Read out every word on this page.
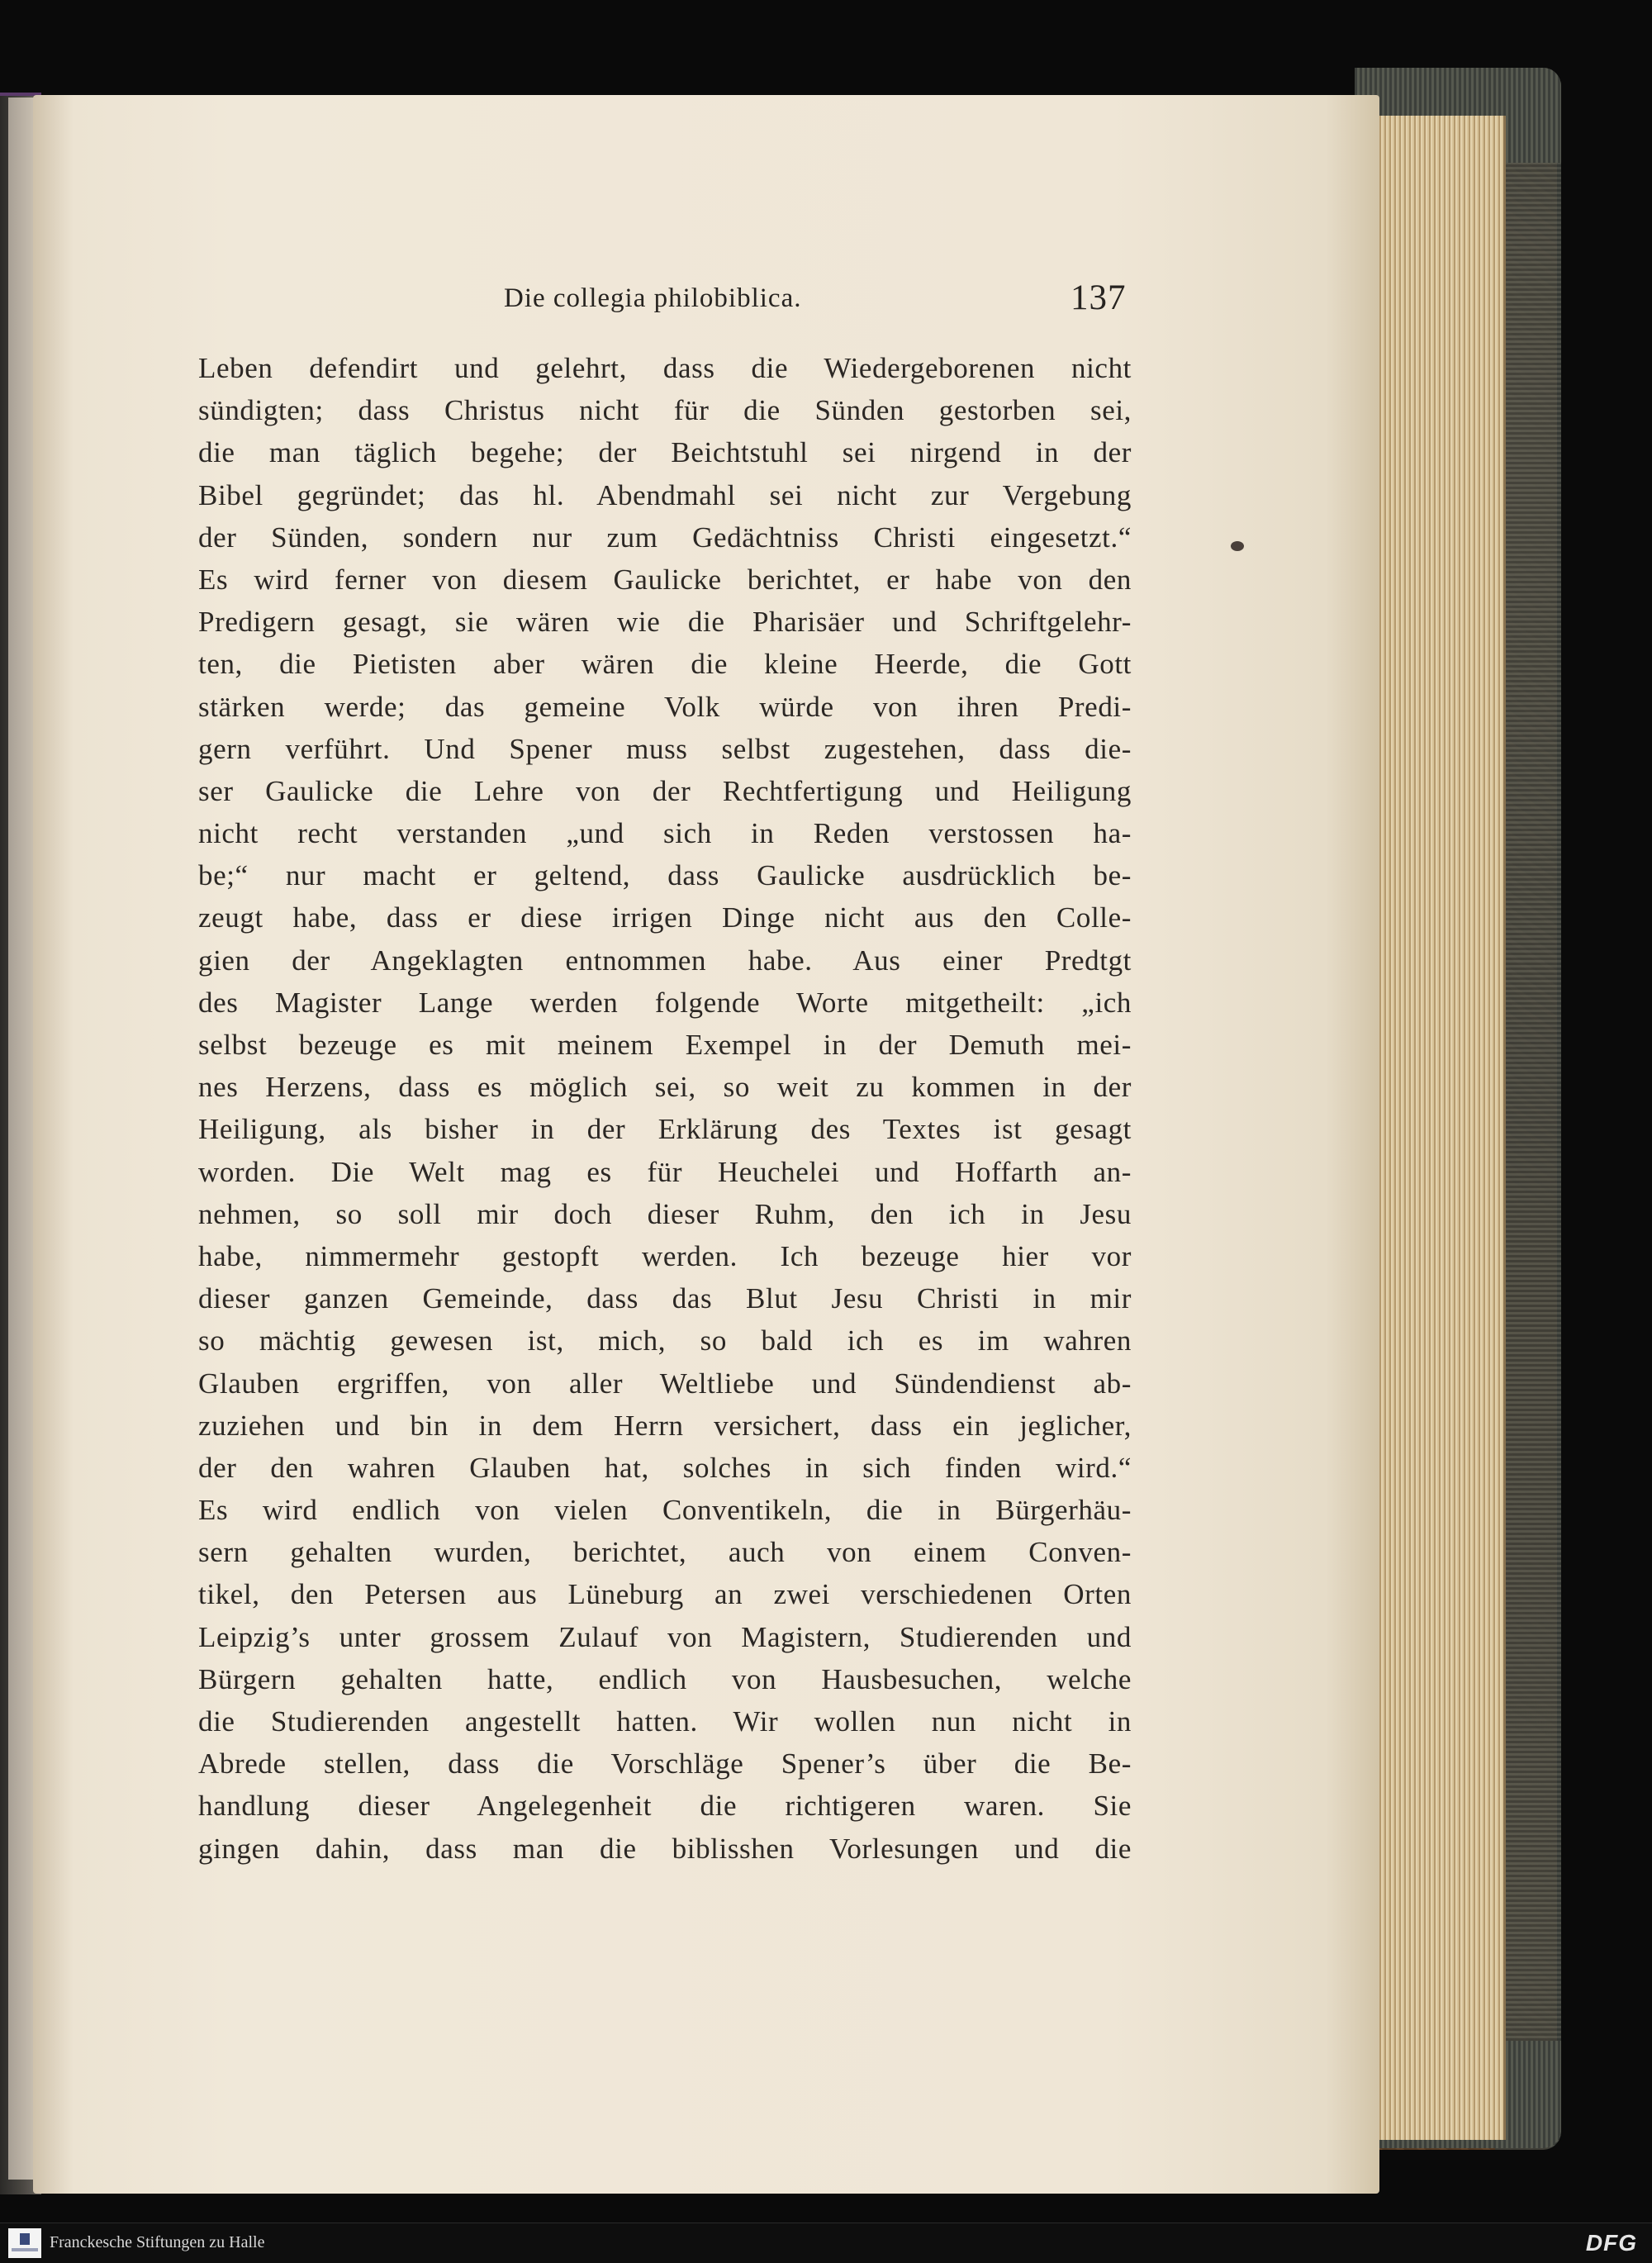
Die collegia philobiblica.	137
Leben defendirt und gelehrt, dass die Wiedergeborenen nicht
sündigten; dass Christus nicht für die Sünden gestorben sei,
die man täglich begehe; der Beichtstuhl sei nirgend in der
Bibel gegründet; das hl. Abendmahl sei nicht zur Vergebung
der Sünden, sondern nur zum Gedächtniss Christi eingesetzt.“
Es wird ferner von diesem Gaulicke berichtet, er habe von den
Predigern gesagt, sie wären wie die Pharisäer und Schriftgelehr-
ten, die Pietisten aber wären die kleine Heerde, die Gott
stärken werde; das gemeine Volk würde von ihren Predi-
gern verführt. Und Spener muss selbst zugestehen, dass die-
ser Gaulicke die Lehre von der Rechtfertigung und Heiligung
nicht recht verstanden „und sich in Reden verstossen ha-
be;“ nur macht er geltend, dass Gaulicke ausdrücklich be-
zeugt habe, dass er diese irrigen Dinge nicht aus den Colle-
gien der Angeklagten entnommen habe. Aus einer Predtgt
des Magister Lange werden folgende Worte mitgetheilt: „ich
selbst bezeuge es mit meinem Exempel in der Demuth mei-
nes Herzens, dass es möglich sei, so weit zu kommen in der
Heiligung, als bisher in der Erklärung des Textes ist gesagt
worden. Die Welt mag es für Heuchelei und Hoffarth an-
nehmen, so soll mir doch dieser Ruhm, den ich in Jesu
habe, nimmermehr gestopft werden. Ich bezeuge hier vor
dieser ganzen Gemeinde, dass das Blut Jesu Christi in mir
so mächtig gewesen ist, mich, so bald ich es im wahren
Glauben ergriffen, von aller Weltliebe und Sündendienst ab-
zuziehen und bin in dem Herrn versichert, dass ein jeglicher,
der den wahren Glauben hat, solches in sich finden wird.“
Es wird endlich von vielen Conventikeln, die in Bürgerhäu-
sern gehalten wurden, berichtet, auch von einem Conven-
tikel, den Petersen aus Lüneburg an zwei verschiedenen Orten
Leipzig’s unter grossem Zulauf von Magistern, Studierenden und
Bürgern gehalten hatte, endlich von Hausbesuchen, welche
die Studierenden angestellt hatten. Wir wollen nun nicht in
Abrede stellen, dass die Vorschläge Spener’s über die Be-
handlung dieser Angelegenheit die richtigeren waren. Sie
gingen dahin, dass man die biblisshen Vorlesungen und die
Franckesche Stiftungen zu Halle	DFG
